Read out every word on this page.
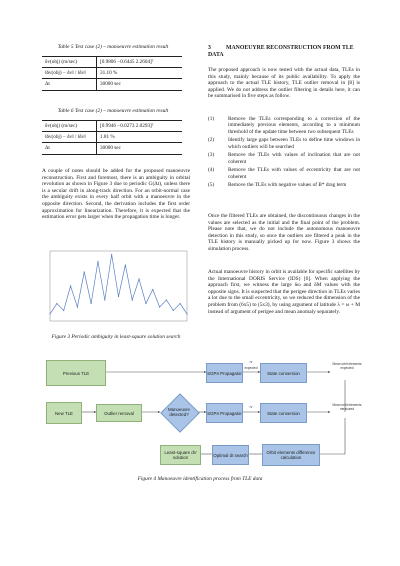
Table 5 Test case (2) – manoeuvre estimation result
δv(obj) (m/sec)	[0.9806 −0.6445 2.2604]ᵀ
‖δv(obj) − δv‖ / ‖δv‖	31.10 %
Δt	30000 sec
Table 6 Test case (2) – manoeuvre estimation result
δv(obj) (m/sec)	[0.9946 −0.0273 2.0293]ᵀ
‖δv(obj) − δv‖ / ‖δv‖	1.81 %
Δt	30000 sec
A couple of notes should be added for the proposed manoeuvre reconstruction. First and foremost, there is an ambiguity in orbital revolution as shown in Figure 3 due to periodic G(Δt), unless there is a secular drift in along-track direction. For an orbit-normal case the ambiguity exists in every half orbit with a manoeuvre in the opposite direction. Second, the derivation includes the first order approximation for linearization. Therefore, it is expected that the estimation error gets larger when the propagation time is longer.
Figure 3 Periodic ambiguity in least-square solution search
3	MANOEUYRE RECONSTRUCTION FROM TLE DATA
The proposed approach is now tested with the actual data, TLEs in this study, mainly because of its public availability. To apply the approach to the actual TLE history, TLE outlier removal in [8] is applied. We do not address the outlier filtering in details here, it can be summarised in five steps as follow.
(1)	Remove the TLEs corresponding to a correction of the immediately previous elements, according to a minimum threshold of the update time between two subsequent TLEs
(2)	Identify large gaps between TLEs to define time windows in which outliers will be searched
(3)	Remove the TLEs with values of inclination that are not coherent
(4)	Remove the TLEs with values of eccentricity that are not coherent
(5)	Remove the TLEs with negative values of B* drag term
Once the filtered TLEs are obtained, the discontinuous changes in the values are selected as the initial and the final point of the problem. Please note that, we do not include the autonomous manoeuvre detection in this study, so once the outliers are filtered a peak in the TLE history is manually picked up for now. Figure 3 shows the simulation process.
Actual manoeuvre history in orbit is available for specific satellites by the International DORIS Service (IDS) [6]. When applying the approach first, we witness the large δω and δM values with the opposite signs. It is suspected that the perigee direction in TLEs varies a lot due to the small eccentricity, so we reduced the dimension of the problem from (6x5) to (5x3), by using argument of latitude λ = ω + M instead of argument of perigee and mean anomaly separately.
Previous TLE	SGP4 Propagator	State conversion
New TLE	Outlier removal
Manoeuvre detected?	SGP4 Propagator	State conversion
Least-square dV solution	Optimal dt search	Orbit elements difference calculation
rv
expected
rv
Mean orbit elements expected
Mean orbit elements measured
Figure 4 Manoeuvre identification process from TLE data
